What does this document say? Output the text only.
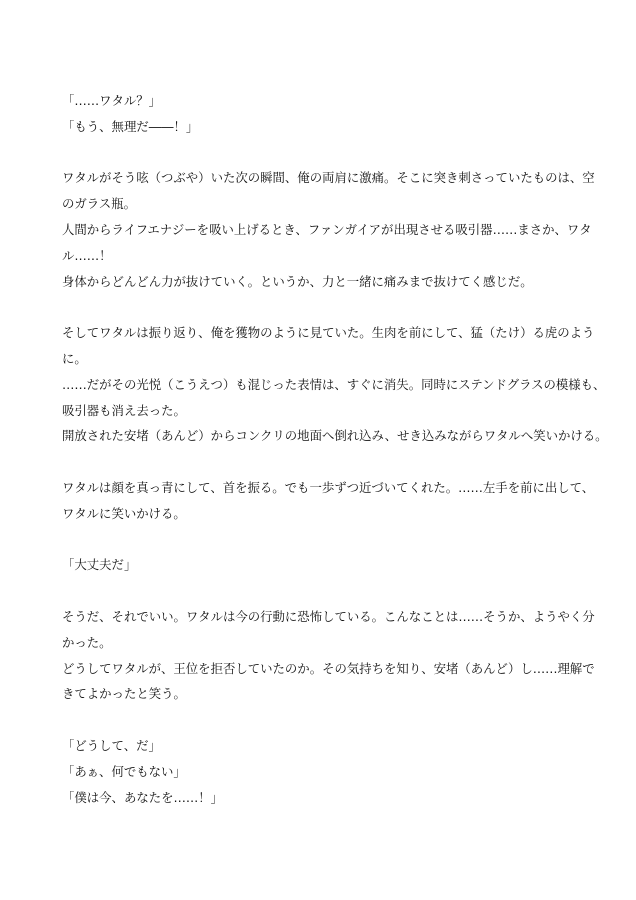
「……ワタル？」
「もう、無理だ――！」
ワタルがそう呟（つぶや）いた次の瞬間、俺の両肩に激痛。そこに突き刺さっていたものは、空
のガラス瓶。
人間からライフエナジーを吸い上げるとき、ファンガイアが出現させる吸引器……まさか、ワタ
ル……！
身体からどんどん力が抜けていく。というか、力と一緒に痛みまで抜けてく感じだ。
そしてワタルは振り返り、俺を獲物のように見ていた。生肉を前にして、猛（たけ）る虎のよう
に。
……だがその光悦（こうえつ）も混じった表情は、すぐに消失。同時にステンドグラスの模様も、
吸引器も消え去った。
開放された安堵（あんど）からコンクリの地面へ倒れ込み、せき込みながらワタルへ笑いかける。
ワタルは顔を真っ青にして、首を振る。でも一歩ずつ近づいてくれた。……左手を前に出して、
ワタルに笑いかける。
「大丈夫だ」
そうだ、それでいい。ワタルは今の行動に恐怖している。こんなことは……そうか、ようやく分
かった。
どうしてワタルが、王位を拒否していたのか。その気持ちを知り、安堵（あんど）し……理解で
きてよかったと笑う。
「どうして、だ」
「あぁ、何でもない」
「僕は今、あなたを……！」
